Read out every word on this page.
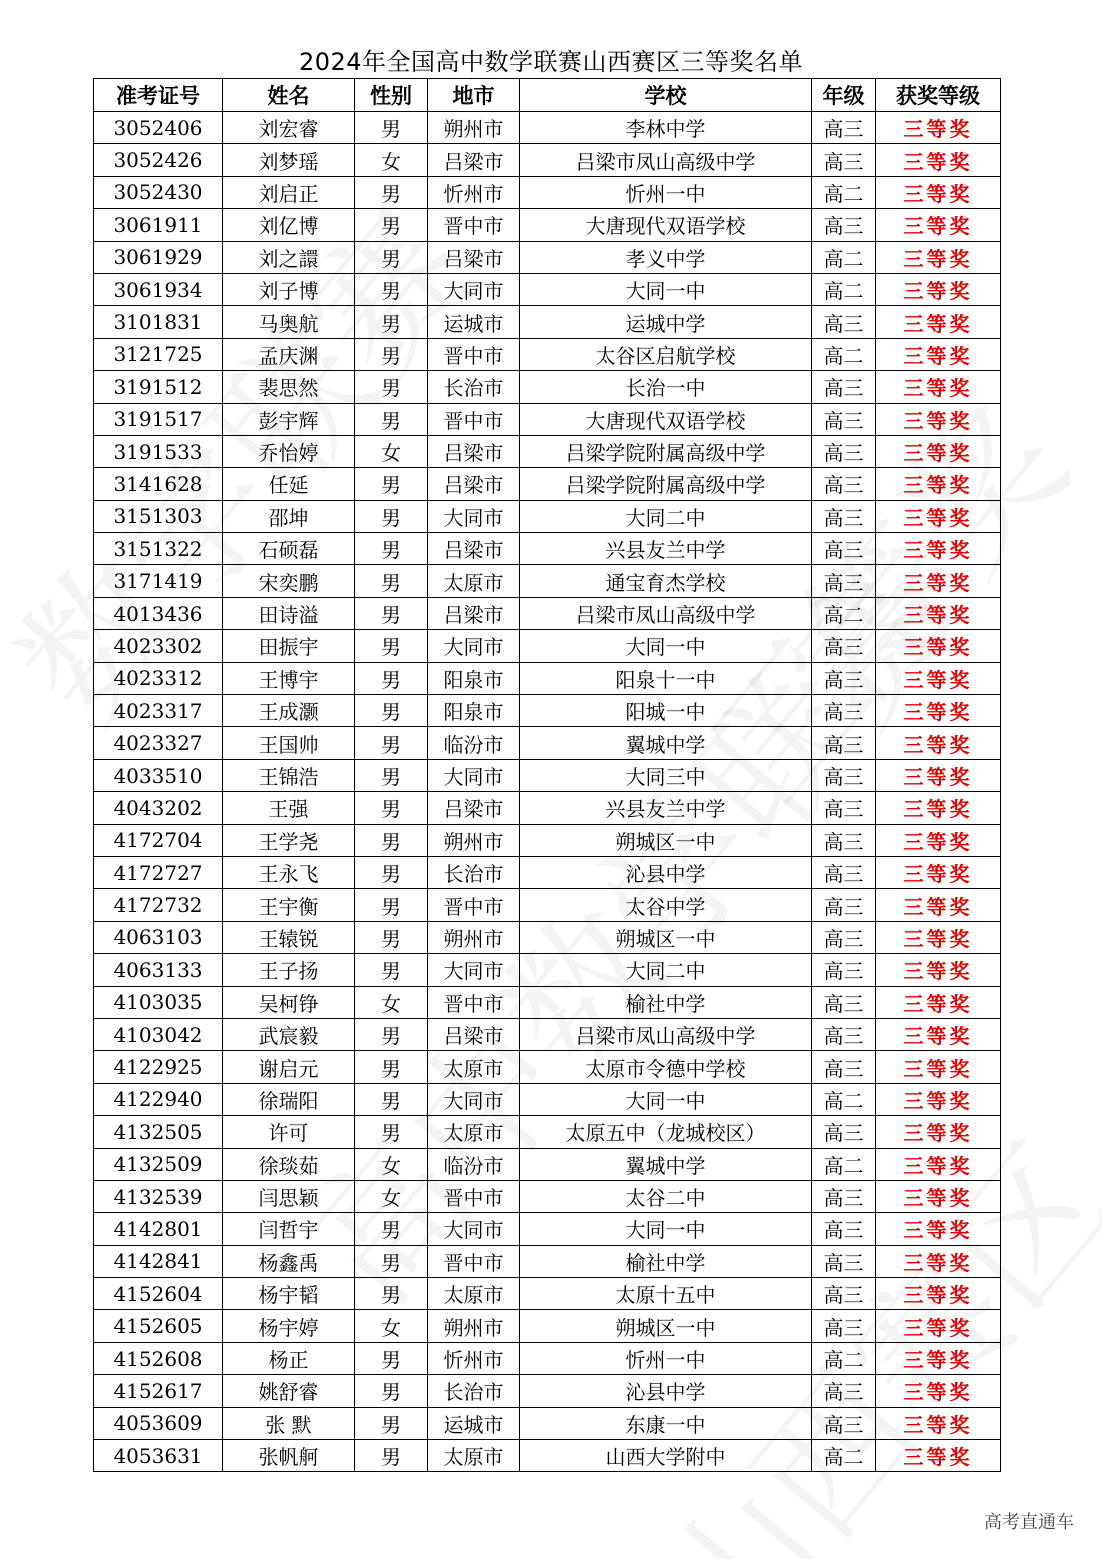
2024年全国高中数学联赛山西赛区三等奖名单
准考证号	姓名	性别	地市	学校	年级	获奖等级
3052406	刘宏睿	男	朔州市	李林中学	高三	三等奖
3052426	刘梦瑶	女	吕梁市	吕梁市凤山高级中学	高三	三等奖
3052430	刘启正	男	忻州市	忻州一中	高二	三等奖
3061911	刘亿博	男	晋中市	大唐现代双语学校	高三	三等奖
3061929	刘之譞	男	吕梁市	孝义中学	高二	三等奖
3061934	刘子博	男	大同市	大同一中	高二	三等奖
3101831	马奥航	男	运城市	运城中学	高三	三等奖
3121725	孟庆渊	男	晋中市	太谷区启航学校	高二	三等奖
3191512	裴思然	男	长治市	长治一中	高三	三等奖
3191517	彭宇辉	男	晋中市	大唐现代双语学校	高三	三等奖
3191533	乔怡婷	女	吕梁市	吕梁学院附属高级中学	高三	三等奖
3141628	任延	男	吕梁市	吕梁学院附属高级中学	高三	三等奖
3151303	邵坤	男	大同市	大同二中	高三	三等奖
3151322	石硕磊	男	吕梁市	兴县友兰中学	高三	三等奖
3171419	宋奕鹏	男	太原市	通宝育杰学校	高三	三等奖
4013436	田诗溢	男	吕梁市	吕梁市凤山高级中学	高二	三等奖
4023302	田振宇	男	大同市	大同一中	高三	三等奖
4023312	王博宇	男	阳泉市	阳泉十一中	高三	三等奖
4023317	王成灏	男	阳泉市	阳城一中	高三	三等奖
4023327	王国帅	男	临汾市	翼城中学	高三	三等奖
4033510	王锦浩	男	大同市	大同三中	高三	三等奖
4043202	王强	男	吕梁市	兴县友兰中学	高三	三等奖
4172704	王学尧	男	朔州市	朔城区一中	高三	三等奖
4172727	王永飞	男	长治市	沁县中学	高三	三等奖
4172732	王宇衡	男	晋中市	太谷中学	高三	三等奖
4063103	王辕锐	男	朔州市	朔城区一中	高三	三等奖
4063133	王子扬	男	大同市	大同二中	高三	三等奖
4103035	吴柯铮	女	晋中市	榆社中学	高三	三等奖
4103042	武宸毅	男	吕梁市	吕梁市凤山高级中学	高三	三等奖
4122925	谢启元	男	太原市	太原市令德中学校	高三	三等奖
4122940	徐瑞阳	男	大同市	大同一中	高二	三等奖
4132505	许可	男	太原市	太原五中（龙城校区）	高三	三等奖
4132509	徐琰茹	女	临汾市	翼城中学	高二	三等奖
4132539	闫思颖	女	晋中市	太谷二中	高三	三等奖
4142801	闫哲宇	男	大同市	大同一中	高三	三等奖
4142841	杨鑫禹	男	晋中市	榆社中学	高三	三等奖
4152604	杨宇韬	男	太原市	太原十五中	高三	三等奖
4152605	杨宇婷	女	朔州市	朔城区一中	高三	三等奖
4152608	杨正	男	忻州市	忻州一中	高二	三等奖
4152617	姚舒睿	男	长治市	沁县中学	高三	三等奖
4053609	张 默	男	运城市	东康一中	高三	三等奖
4053631	张帆舸	男	太原市	山西大学附中	高二	三等奖
高考直通车
